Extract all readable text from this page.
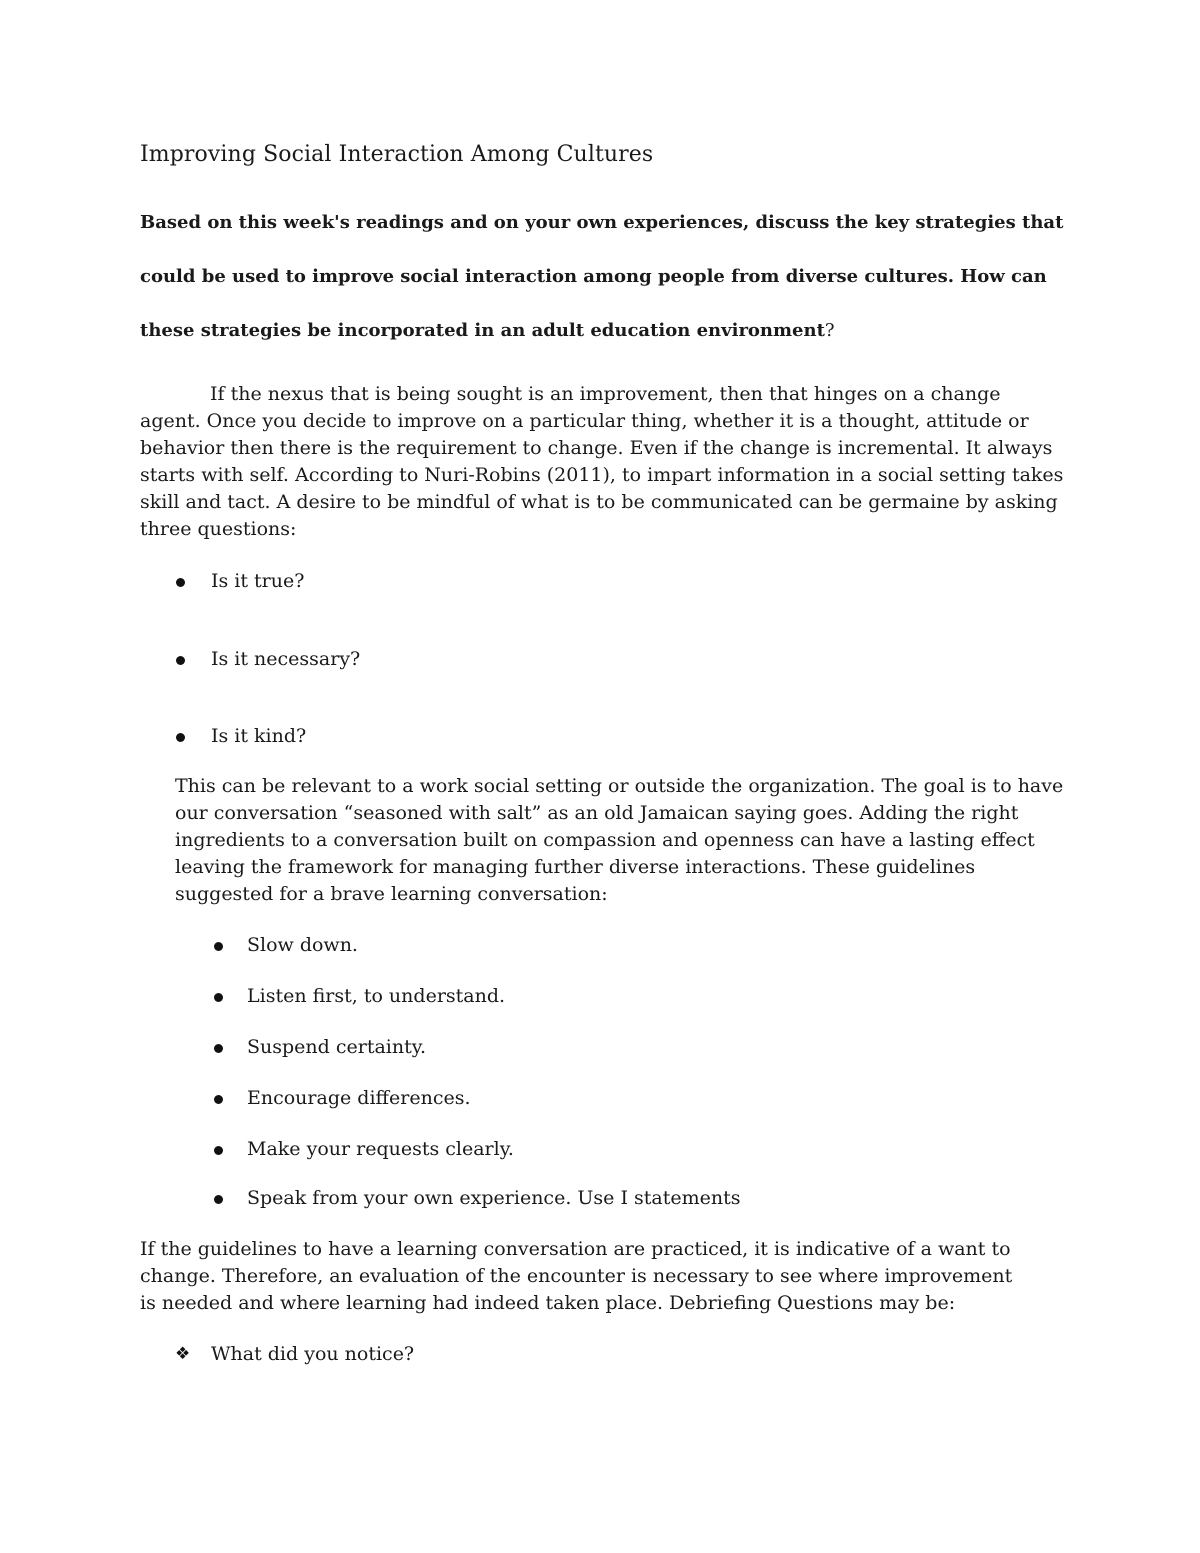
Improving Social Interaction Among Cultures

Based on this week's readings and on your own experiences, discuss the key strategies that could be used to improve social interaction among people from diverse cultures. How can these strategies be incorporated in an adult education environment?

If the nexus that is being sought is an improvement, then that hinges on a change agent. Once you decide to improve on a particular thing, whether it is a thought, attitude or behavior then there is the requirement to change. Even if the change is incremental. It always starts with self. According to Nuri-Robins (2011), to impart information in a social setting takes skill and tact. A desire to be mindful of what is to be communicated can be germaine by asking three questions:

Is it true?
Is it necessary?
Is it kind?

This can be relevant to a work social setting or outside the organization. The goal is to have our conversation “seasoned with salt” as an old Jamaican saying goes. Adding the right ingredients to a conversation built on compassion and openness can have a lasting effect leaving the framework for managing further diverse interactions. These guidelines suggested for a brave learning conversation:

Slow down.
Listen first, to understand.
Suspend certainty.
Encourage differences.
Make your requests clearly.
Speak from your own experience. Use I statements

If the guidelines to have a learning conversation are practiced, it is indicative of a want to change. Therefore, an evaluation of the encounter is necessary to see where improvement is needed and where learning had indeed taken place. Debriefing Questions may be:

❖ What did you notice?
